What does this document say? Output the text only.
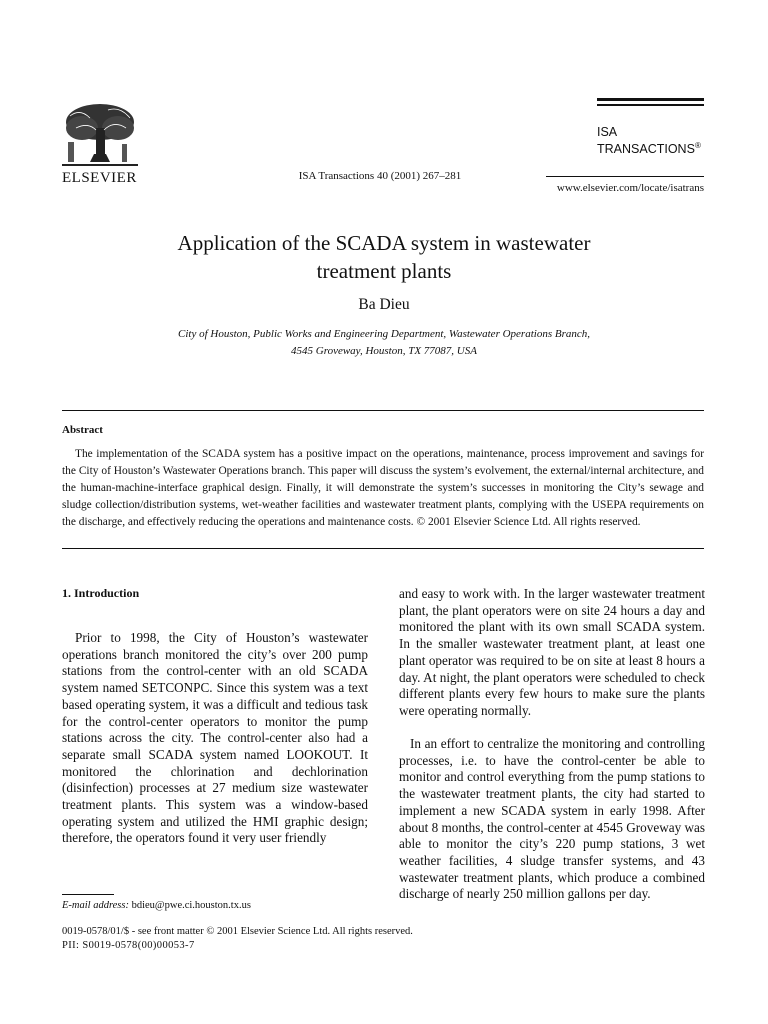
ELSEVIER	ISA Transactions 40 (2001) 267–281
ISA
TRANSACTIONS®
www.elsevier.com/locate/isatrans
Application of the SCADA system in wastewater
treatment plants
Ba Dieu
City of Houston, Public Works and Engineering Department, Wastewater Operations Branch,
4545 Groveway, Houston, TX 77087, USA
Abstract

The implementation of the SCADA system has a positive impact on the operations, maintenance, process improvement and savings for the City of Houston’s Wastewater Operations branch. This paper will discuss the system’s evolvement, the external/internal architecture, and the human-machine-interface graphical design. Finally, it will demonstrate the system’s successes in monitoring the City’s sewage and sludge collection/distribution systems, wet-weather facilities and wastewater treatment plants, complying with the USEPA requirements on the discharge, and effectively reducing the operations and maintenance costs. © 2001 Elsevier Science Ltd. All rights reserved.

1. Introduction

Prior to 1998, the City of Houston’s wastewater operations branch monitored the city’s over 200 pump stations from the control-center with an old SCADA system named SETCONPC. Since this system was a text based operating system, it was a difficult and tedious task for the control-center operators to monitor the pump stations across the city. The control-center also had a separate small SCADA system named LOOKOUT. It monitored the chlorination and dechlorination (disinfection) processes at 27 medium size wastewater treatment plants. This system was a window-based operating system and utilized the HMI graphic design; therefore, the operators found it very user friendly

and easy to work with. In the larger wastewater treatment plant, the plant operators were on site 24 hours a day and monitored the plant with its own small SCADA system. In the smaller wastewater treatment plant, at least one plant operator was required to be on site at least 8 hours a day. At night, the plant operators were scheduled to check different plants every few hours to make sure the plants were operating normally.

In an effort to centralize the monitoring and controlling processes, i.e. to have the control-center be able to monitor and control everything from the pump stations to the wastewater treatment plants, the city had started to implement a new SCADA system in early 1998. After about 8 months, the control-center at 4545 Groveway was able to monitor the city’s 220 pump stations, 3 wet weather facilities, 4 sludge transfer systems, and 43 wastewater treatment plants, which produce a combined discharge of nearly 250 million gallons per day.

E-mail address: bdieu@pwe.ci.houston.tx.us
0019-0578/01/$ - see front matter © 2001 Elsevier Science Ltd. All rights reserved.
PII: S0019-0578(00)00053-7
